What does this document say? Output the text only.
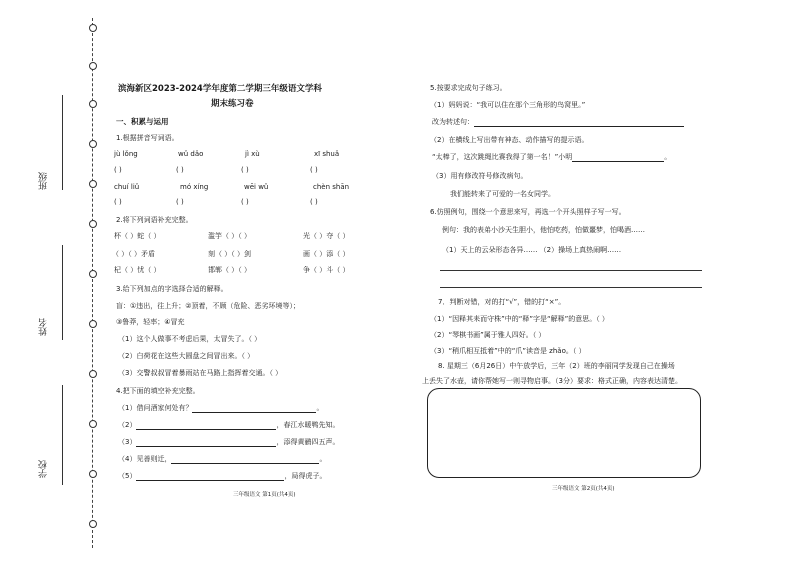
班级
姓名
学校
滨海新区2023-2024学年度第二学期三年级语文学科
期末练习卷
一、积累与运用
1.根据拼音写词语。
jù lǒng	wǔ dǎo	jì xù	xī shuǎ
( )	( )	( )	( )
chuí liǔ	mó xíng	wēi wǔ	chèn shān
( )	( )	( )	( )
2.将下列词语补充完整。
杯（ ）蛇（ ）	滥竽（ ）（ ）	光（ ）夺（ ）
（ ）（ ）矛盾	刻（ ）（ ）剑	画（ ）添（ ）
杞（ ）忧（ ）	邯郸（ ）（ ）	争（ ）斗（ ）
3.给下列加点的字选择合适的解释。
盲：①违出，往上升；②顶着，不顾（危险、恶劣环境等）；
③鲁莽，轻率；④冒充
（1）这个人做事不考虑后果，太冒失了。（ ）
（2）白荷花在这些大圆盘之间冒出来。（ ）
（3）交警叔叔冒着暴雨站在马路上指挥着交通。（ ）
4.把下面的填空补充完整。
（1）借问酒家何处有？	。
（2）	，春江水暖鸭先知。
（3）	，添得黄鹂四五声。
（4）见善则迁，	。
（5）	，局得虎子。
三年级语文 第1页(共4页)
5.按要求完成句子练习。
（1）妈妈说：“我可以住在那个三角形的鸟窝里。”
改为转述句：
（2）在横线上写出带有神态、动作描写的提示语。
“太棒了，这次跳绳比赛我得了第一名！”小明	。
（3）用有修改符号修改病句。
我们能转来了可爱的一名女同学。
6.仿照例句，围绕一个意思来写，再选一个开头照样子写一写。
例句：我的表弟小沙天生胆小，他怕吃药，怕做噩梦，怕喝酒……
（1）天上的云朵形态各异…… （2）操场上真热闹啊……
7．判断对错，对的打“√”，错的打“×”。
（1）“因释其耒而守株”中的“释”字是“解释”的意思。（ ）
（2）“琴棋书画”属于雅人四好。（ ）
（3）“稍爪相互抵着”中的“爪”读音是 zhǎo。（ ）
8. 星期三（6月26日）中午放学后，三年（2）班的李丽同学发现自己在操场
上丢失了水壶，请你帮她写一则寻物启事。（3分）要求：格式正确，内容表达清楚。
三年级语文 第2页(共4页)
